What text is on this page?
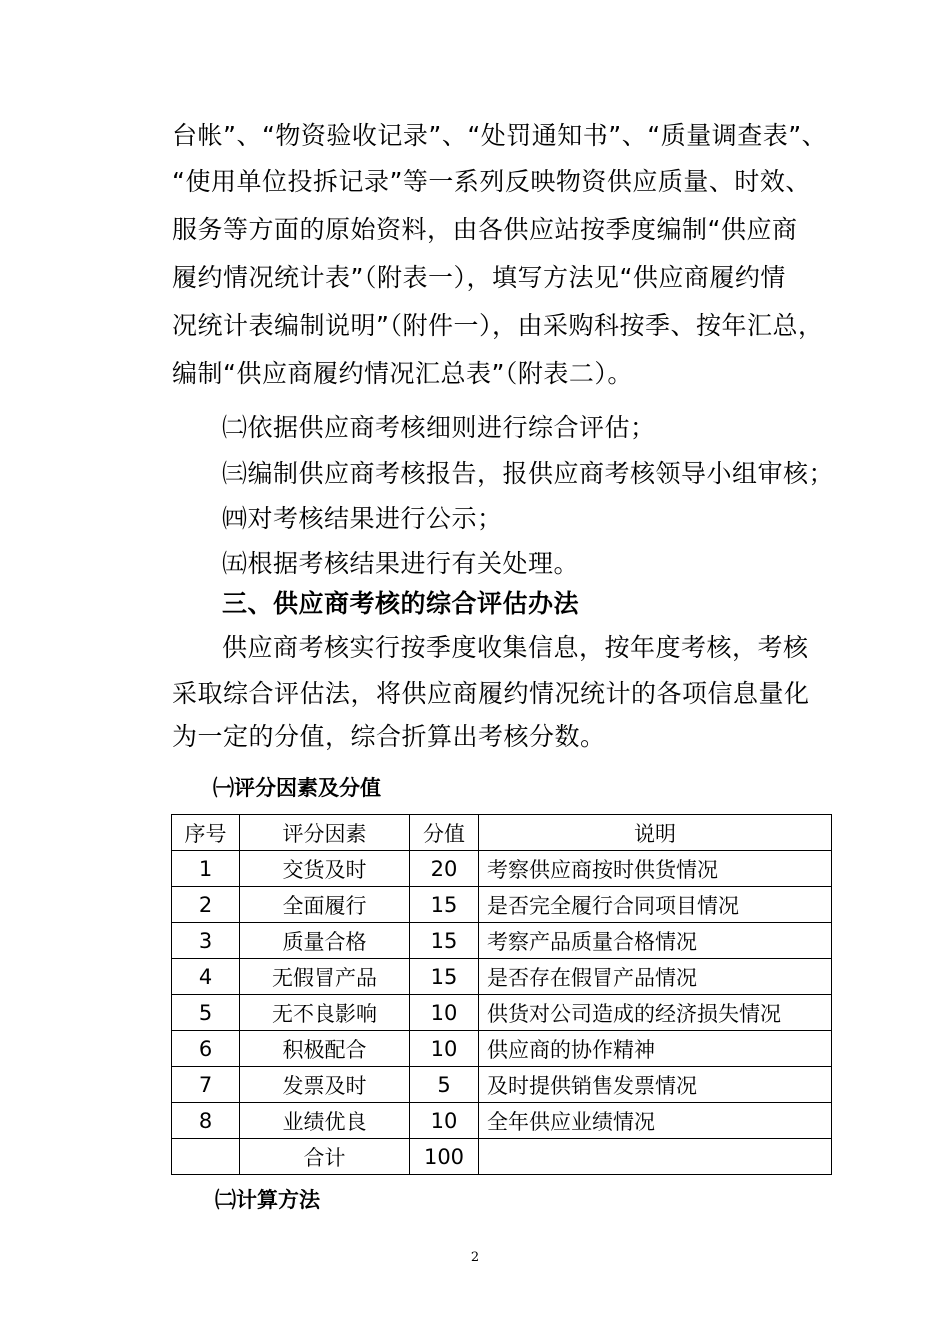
台帐”、“物资验收记录”、“处罚通知书”、“质量调查表”、
“使用单位投拆记录”等一系列反映物资供应质量、时效、
服务等方面的原始资料，由各供应站按季度编制“供应商
履约情况统计表”（附表一），填写方法见“供应商履约情
况统计表编制说明”（附件一），由采购科按季、按年汇总，
编制“供应商履约情况汇总表”（附表二）。
㈡依据供应商考核细则进行综合评估；
㈢编制供应商考核报告，报供应商考核领导小组审核；
㈣对考核结果进行公示；
㈤根据考核结果进行有关处理。
三、供应商考核的综合评估办法
供应商考核实行按季度收集信息，按年度考核，考核
采取综合评估法，将供应商履约情况统计的各项信息量化
为一定的分值，综合折算出考核分数。
㈠评分因素及分值
序号	评分因素	分值	说明
1	交货及时	20	考察供应商按时供货情况
2	全面履行	15	是否完全履行合同项目情况
3	质量合格	15	考察产品质量合格情况
4	无假冒产品	15	是否存在假冒产品情况
5	无不良影响	10	供货对公司造成的经济损失情况
6	积极配合	10	供应商的协作精神
7	发票及时	5	及时提供销售发票情况
8	业绩优良	10	全年供应业绩情况
	合计	100	
㈡计算方法
2
